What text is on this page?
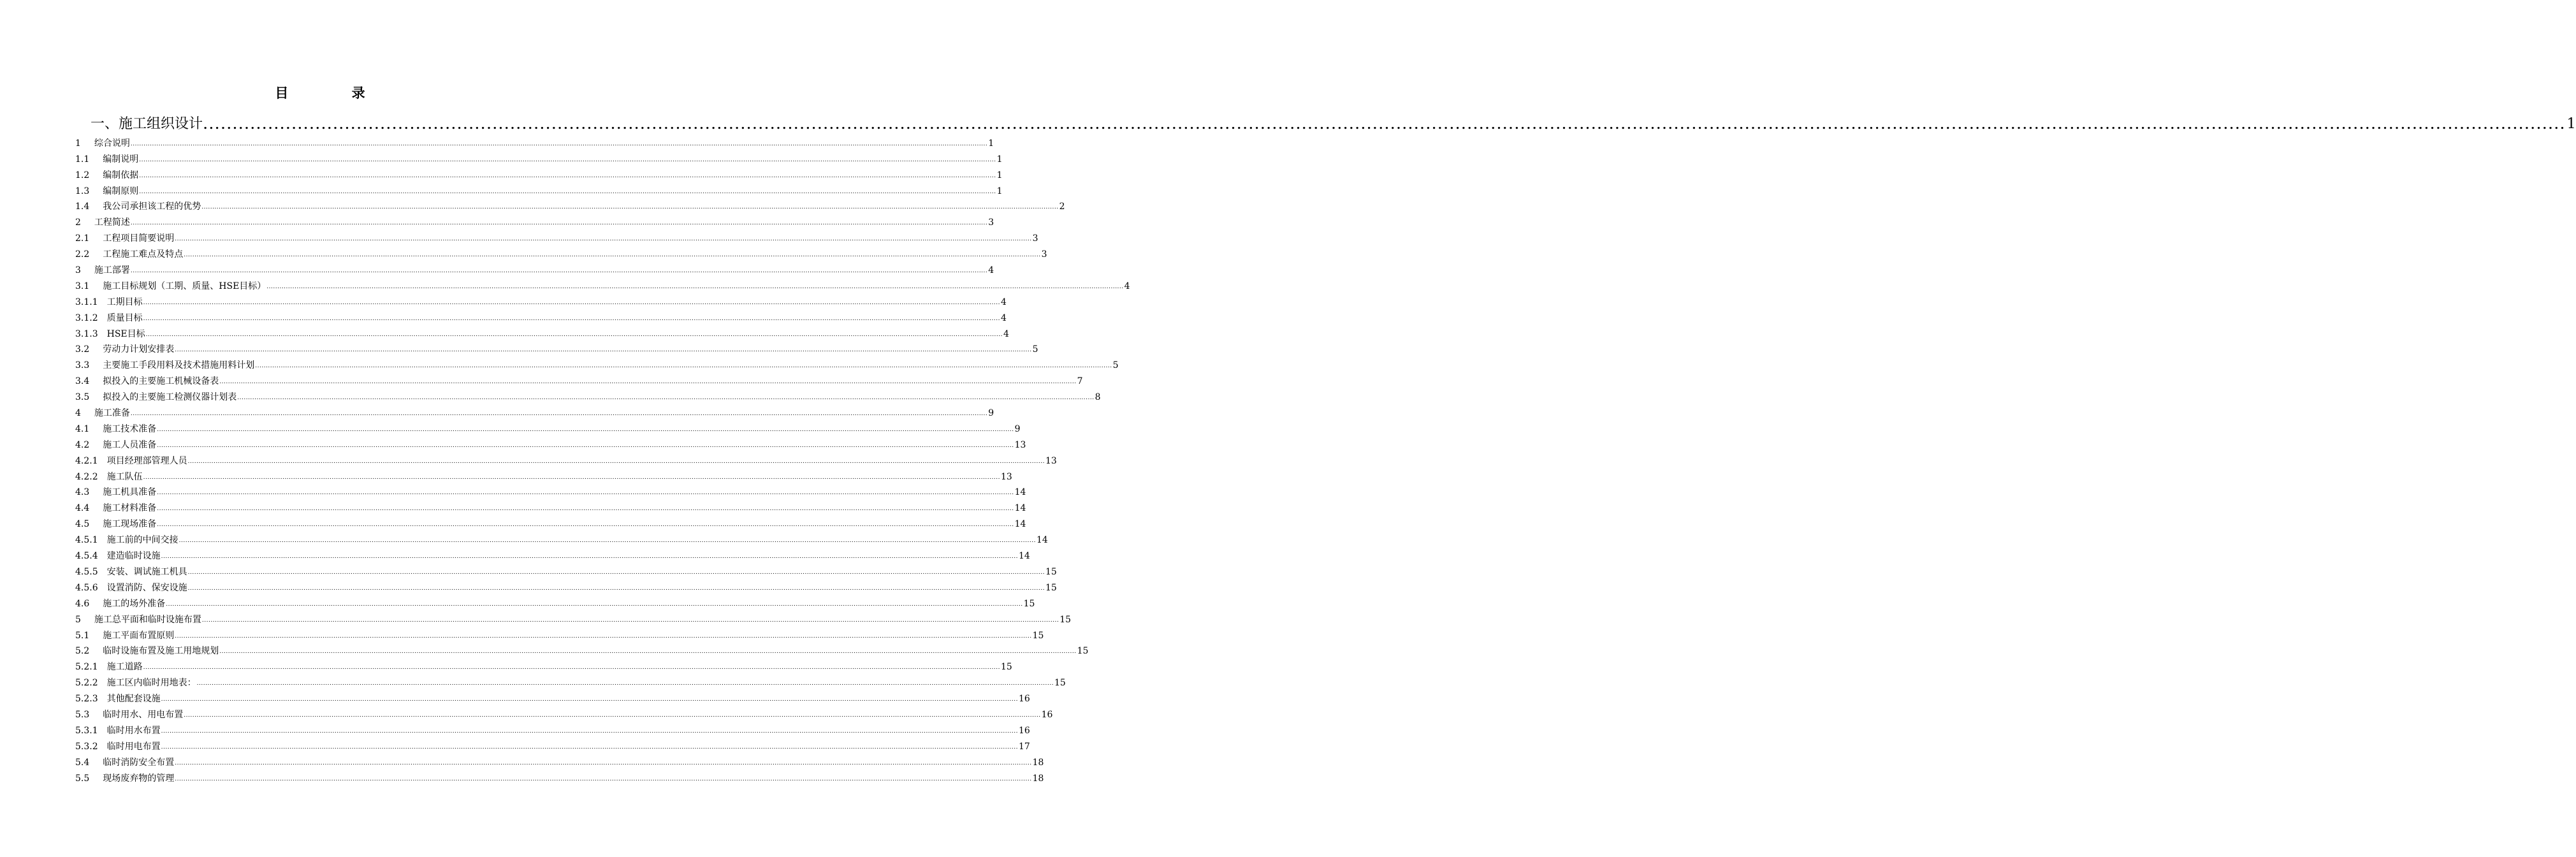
目 录
一、施工组织设计 ................................................................................................................................................................................................................................................................................................................................................................................................................ 1
1    综合说明 ................................................................................................................................................................................................................................................................................................................................................................................................................ 1
1.1    编制说明 ................................................................................................................................................................................................................................................................................................................................................................................................................ 1
1.2    编制依据 ................................................................................................................................................................................................................................................................................................................................................................................................................ 1
1.3    编制原则 ................................................................................................................................................................................................................................................................................................................................................................................................................ 1
1.4    我公司承担该工程的优势 ................................................................................................................................................................................................................................................................................................................................................................................................................ 2
2    工程简述 ................................................................................................................................................................................................................................................................................................................................................................................................................ 3
2.1    工程项目简要说明 ................................................................................................................................................................................................................................................................................................................................................................................................................ 3
2.2    工程施工难点及特点 ................................................................................................................................................................................................................................................................................................................................................................................................................ 3
3    施工部署 ................................................................................................................................................................................................................................................................................................................................................................................................................ 4
3.1    施工目标规划（工期、质量、HSE目标） ................................................................................................................................................................................................................................................................................................................................................................................................................ 4
3.1.1   工期目标 ................................................................................................................................................................................................................................................................................................................................................................................................................ 4
3.1.2   质量目标 ................................................................................................................................................................................................................................................................................................................................................................................................................ 4
3.1.3   HSE目标 ................................................................................................................................................................................................................................................................................................................................................................................................................ 4
3.2    劳动力计划安排表 ................................................................................................................................................................................................................................................................................................................................................................................................................ 5
3.3    主要施工手段用料及技术措施用料计划 ................................................................................................................................................................................................................................................................................................................................................................................................................ 5
3.4    拟投入的主要施工机械设备表 ................................................................................................................................................................................................................................................................................................................................................................................................................ 7
3.5    拟投入的主要施工检测仪器计划表 ................................................................................................................................................................................................................................................................................................................................................................................................................ 8
4    施工准备 ................................................................................................................................................................................................................................................................................................................................................................................................................ 9
4.1    施工技术准备 ................................................................................................................................................................................................................................................................................................................................................................................................................ 9
4.2    施工人员准备 ................................................................................................................................................................................................................................................................................................................................................................................................................ 13
4.2.1   项目经理部管理人员 ................................................................................................................................................................................................................................................................................................................................................................................................................ 13
4.2.2   施工队伍 ................................................................................................................................................................................................................................................................................................................................................................................................................ 13
4.3    施工机具准备 ................................................................................................................................................................................................................................................................................................................................................................................................................ 14
4.4    施工材料准备 ................................................................................................................................................................................................................................................................................................................................................................................................................ 14
4.5    施工现场准备 ................................................................................................................................................................................................................................................................................................................................................................................................................ 14
4.5.1   施工前的中间交接 ................................................................................................................................................................................................................................................................................................................................................................................................................ 14
4.5.4   建造临时设施 ................................................................................................................................................................................................................................................................................................................................................................................................................ 14
4.5.5   安装、调试施工机具 ................................................................................................................................................................................................................................................................................................................................................................................................................ 15
4.5.6   设置消防、保安设施 ................................................................................................................................................................................................................................................................................................................................................................................................................ 15
4.6    施工的场外准备 ................................................................................................................................................................................................................................................................................................................................................................................................................ 15
5    施工总平面和临时设施布置 ................................................................................................................................................................................................................................................................................................................................................................................................................ 15
5.1    施工平面布置原则 ................................................................................................................................................................................................................................................................................................................................................................................................................ 15
5.2    临时设施布置及施工用地规划 ................................................................................................................................................................................................................................................................................................................................................................................................................ 15
5.2.1   施工道路 ................................................................................................................................................................................................................................................................................................................................................................................................................ 15
5.2.2   施工区内临时用地表： ................................................................................................................................................................................................................................................................................................................................................................................................................ 15
5.2.3   其他配套设施 ................................................................................................................................................................................................................................................................................................................................................................................................................ 16
5.3    临时用水、用电布置 ................................................................................................................................................................................................................................................................................................................................................................................................................ 16
5.3.1   临时用水布置 ................................................................................................................................................................................................................................................................................................................................................................................................................ 16
5.3.2   临时用电布置 ................................................................................................................................................................................................................................................................................................................................................................................................................ 17
5.4    临时消防安全布置 ................................................................................................................................................................................................................................................................................................................................................................................................................ 18
5.5    现场废弃物的管理 ................................................................................................................................................................................................................................................................................................................................................................................................................ 18
